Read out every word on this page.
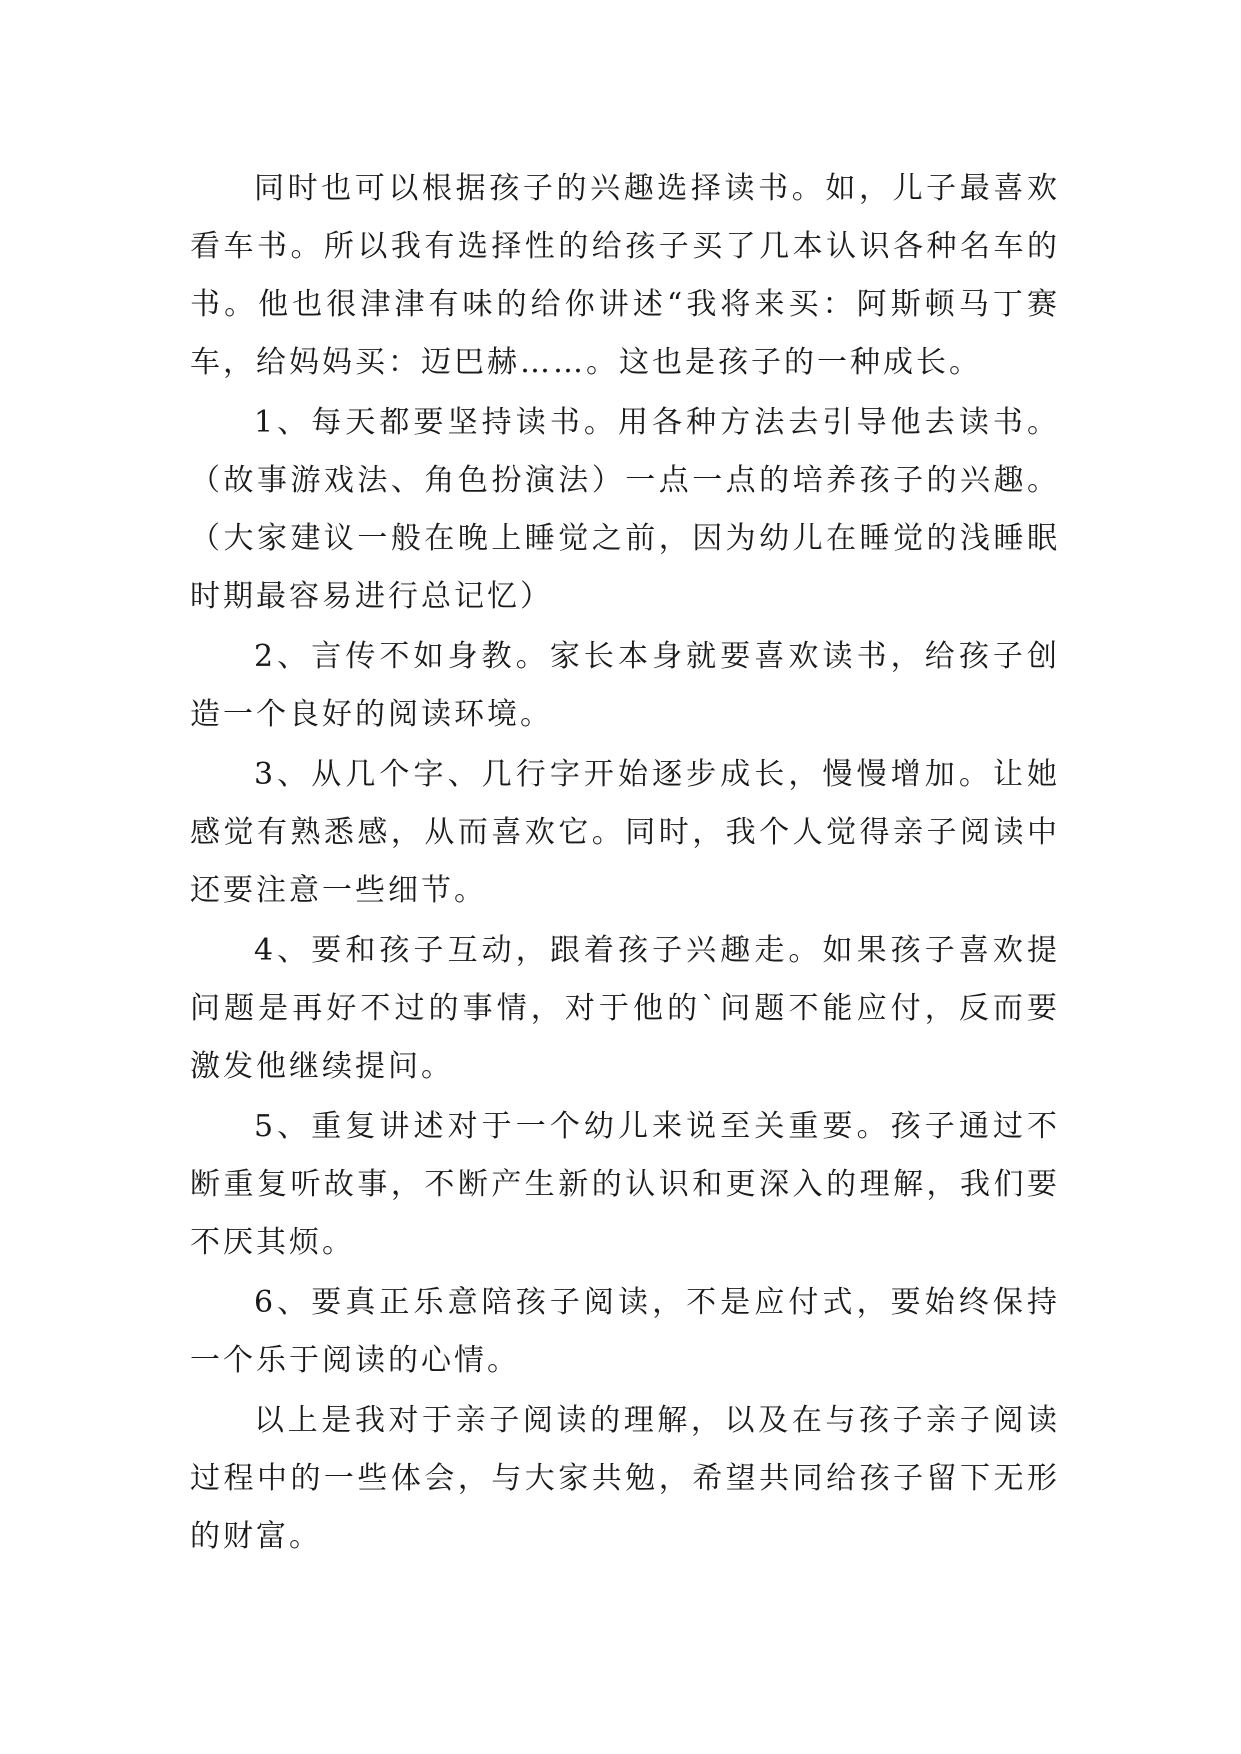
同时也可以根据孩子的兴趣选择读书。如，儿子最喜欢看车书。所以我有选择性的给孩子买了几本认识各种名车的书。他也很津津有味的给你讲述“我将来买：阿斯顿马丁赛车，给妈妈买：迈巴赫……。这也是孩子的一种成长。

1、每天都要坚持读书。用各种方法去引导他去读书。（故事游戏法、角色扮演法）一点一点的培养孩子的兴趣。（大家建议一般在晚上睡觉之前，因为幼儿在睡觉的浅睡眠时期最容易进行总记忆）

2、言传不如身教。家长本身就要喜欢读书，给孩子创造一个良好的阅读环境。

3、从几个字、几行字开始逐步成长，慢慢增加。让她感觉有熟悉感，从而喜欢它。同时，我个人觉得亲子阅读中还要注意一些细节。

4、要和孩子互动，跟着孩子兴趣走。如果孩子喜欢提问题是再好不过的事情，对于他的`问题不能应付，反而要激发他继续提问。

5、重复讲述对于一个幼儿来说至关重要。孩子通过不断重复听故事，不断产生新的认识和更深入的理解，我们要不厌其烦。

6、要真正乐意陪孩子阅读，不是应付式，要始终保持一个乐于阅读的心情。

以上是我对于亲子阅读的理解，以及在与孩子亲子阅读过程中的一些体会，与大家共勉，希望共同给孩子留下无形的财富。
